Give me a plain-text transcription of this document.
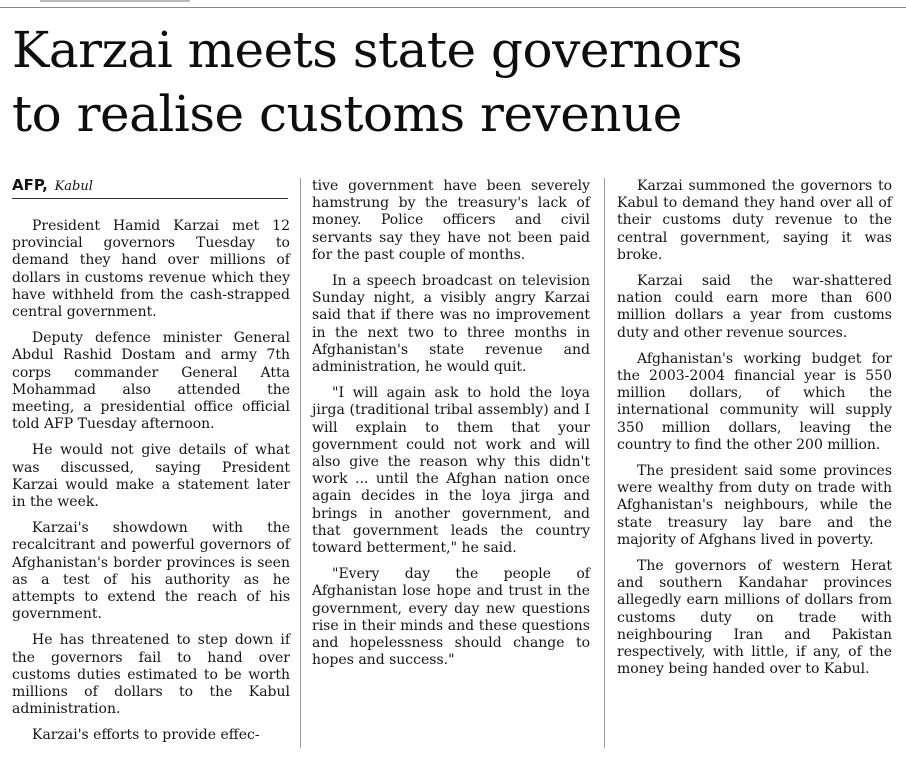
Karzai meets state governors
to realise customs revenue
AFP, Kabul

President Hamid Karzai met 12 provincial governors Tuesday to demand they hand over millions of dollars in customs revenue which they have withheld from the cash-strapped central government.

Deputy defence minister General Abdul Rashid Dostam and army 7th corps commander General Atta Mohammad also attended the meeting, a presidential office official told AFP Tuesday afternoon.

He would not give details of what was discussed, saying President Karzai would make a statement later in the week.

Karzai's showdown with the recalcitrant and powerful governors of Afghanistan's border provinces is seen as a test of his authority as he attempts to extend the reach of his government.

He has threatened to step down if the governors fail to hand over customs duties estimated to be worth millions of dollars to the Kabul administration.

Karzai's efforts to provide effec-

tive government have been severely hamstrung by the treasury's lack of money. Police officers and civil servants say they have not been paid for the past couple of months.

In a speech broadcast on television Sunday night, a visibly angry Karzai said that if there was no improvement in the next two to three months in Afghanistan's state revenue and administration, he would quit.

"I will again ask to hold the loya jirga (traditional tribal assembly) and I will explain to them that your government could not work and will also give the reason why this didn't work ... until the Afghan nation once again decides in the loya jirga and brings in another government, and that government leads the country toward betterment," he said.

"Every day the people of Afghanistan lose hope and trust in the government, every day new questions rise in their minds and these questions and hopelessness should change to hopes and success."

Karzai summoned the governors to Kabul to demand they hand over all of their customs duty revenue to the central government, saying it was broke.

Karzai said the war-shattered nation could earn more than 600 million dollars a year from customs duty and other revenue sources.

Afghanistan's working budget for the 2003-2004 financial year is 550 million dollars, of which the international community will supply 350 million dollars, leaving the country to find the other 200 million.

The president said some provinces were wealthy from duty on trade with Afghanistan's neighbours, while the state treasury lay bare and the majority of Afghans lived in poverty.

The governors of western Herat and southern Kandahar provinces allegedly earn millions of dollars from customs duty on trade with neighbouring Iran and Pakistan respectively, with little, if any, of the money being handed over to Kabul.
